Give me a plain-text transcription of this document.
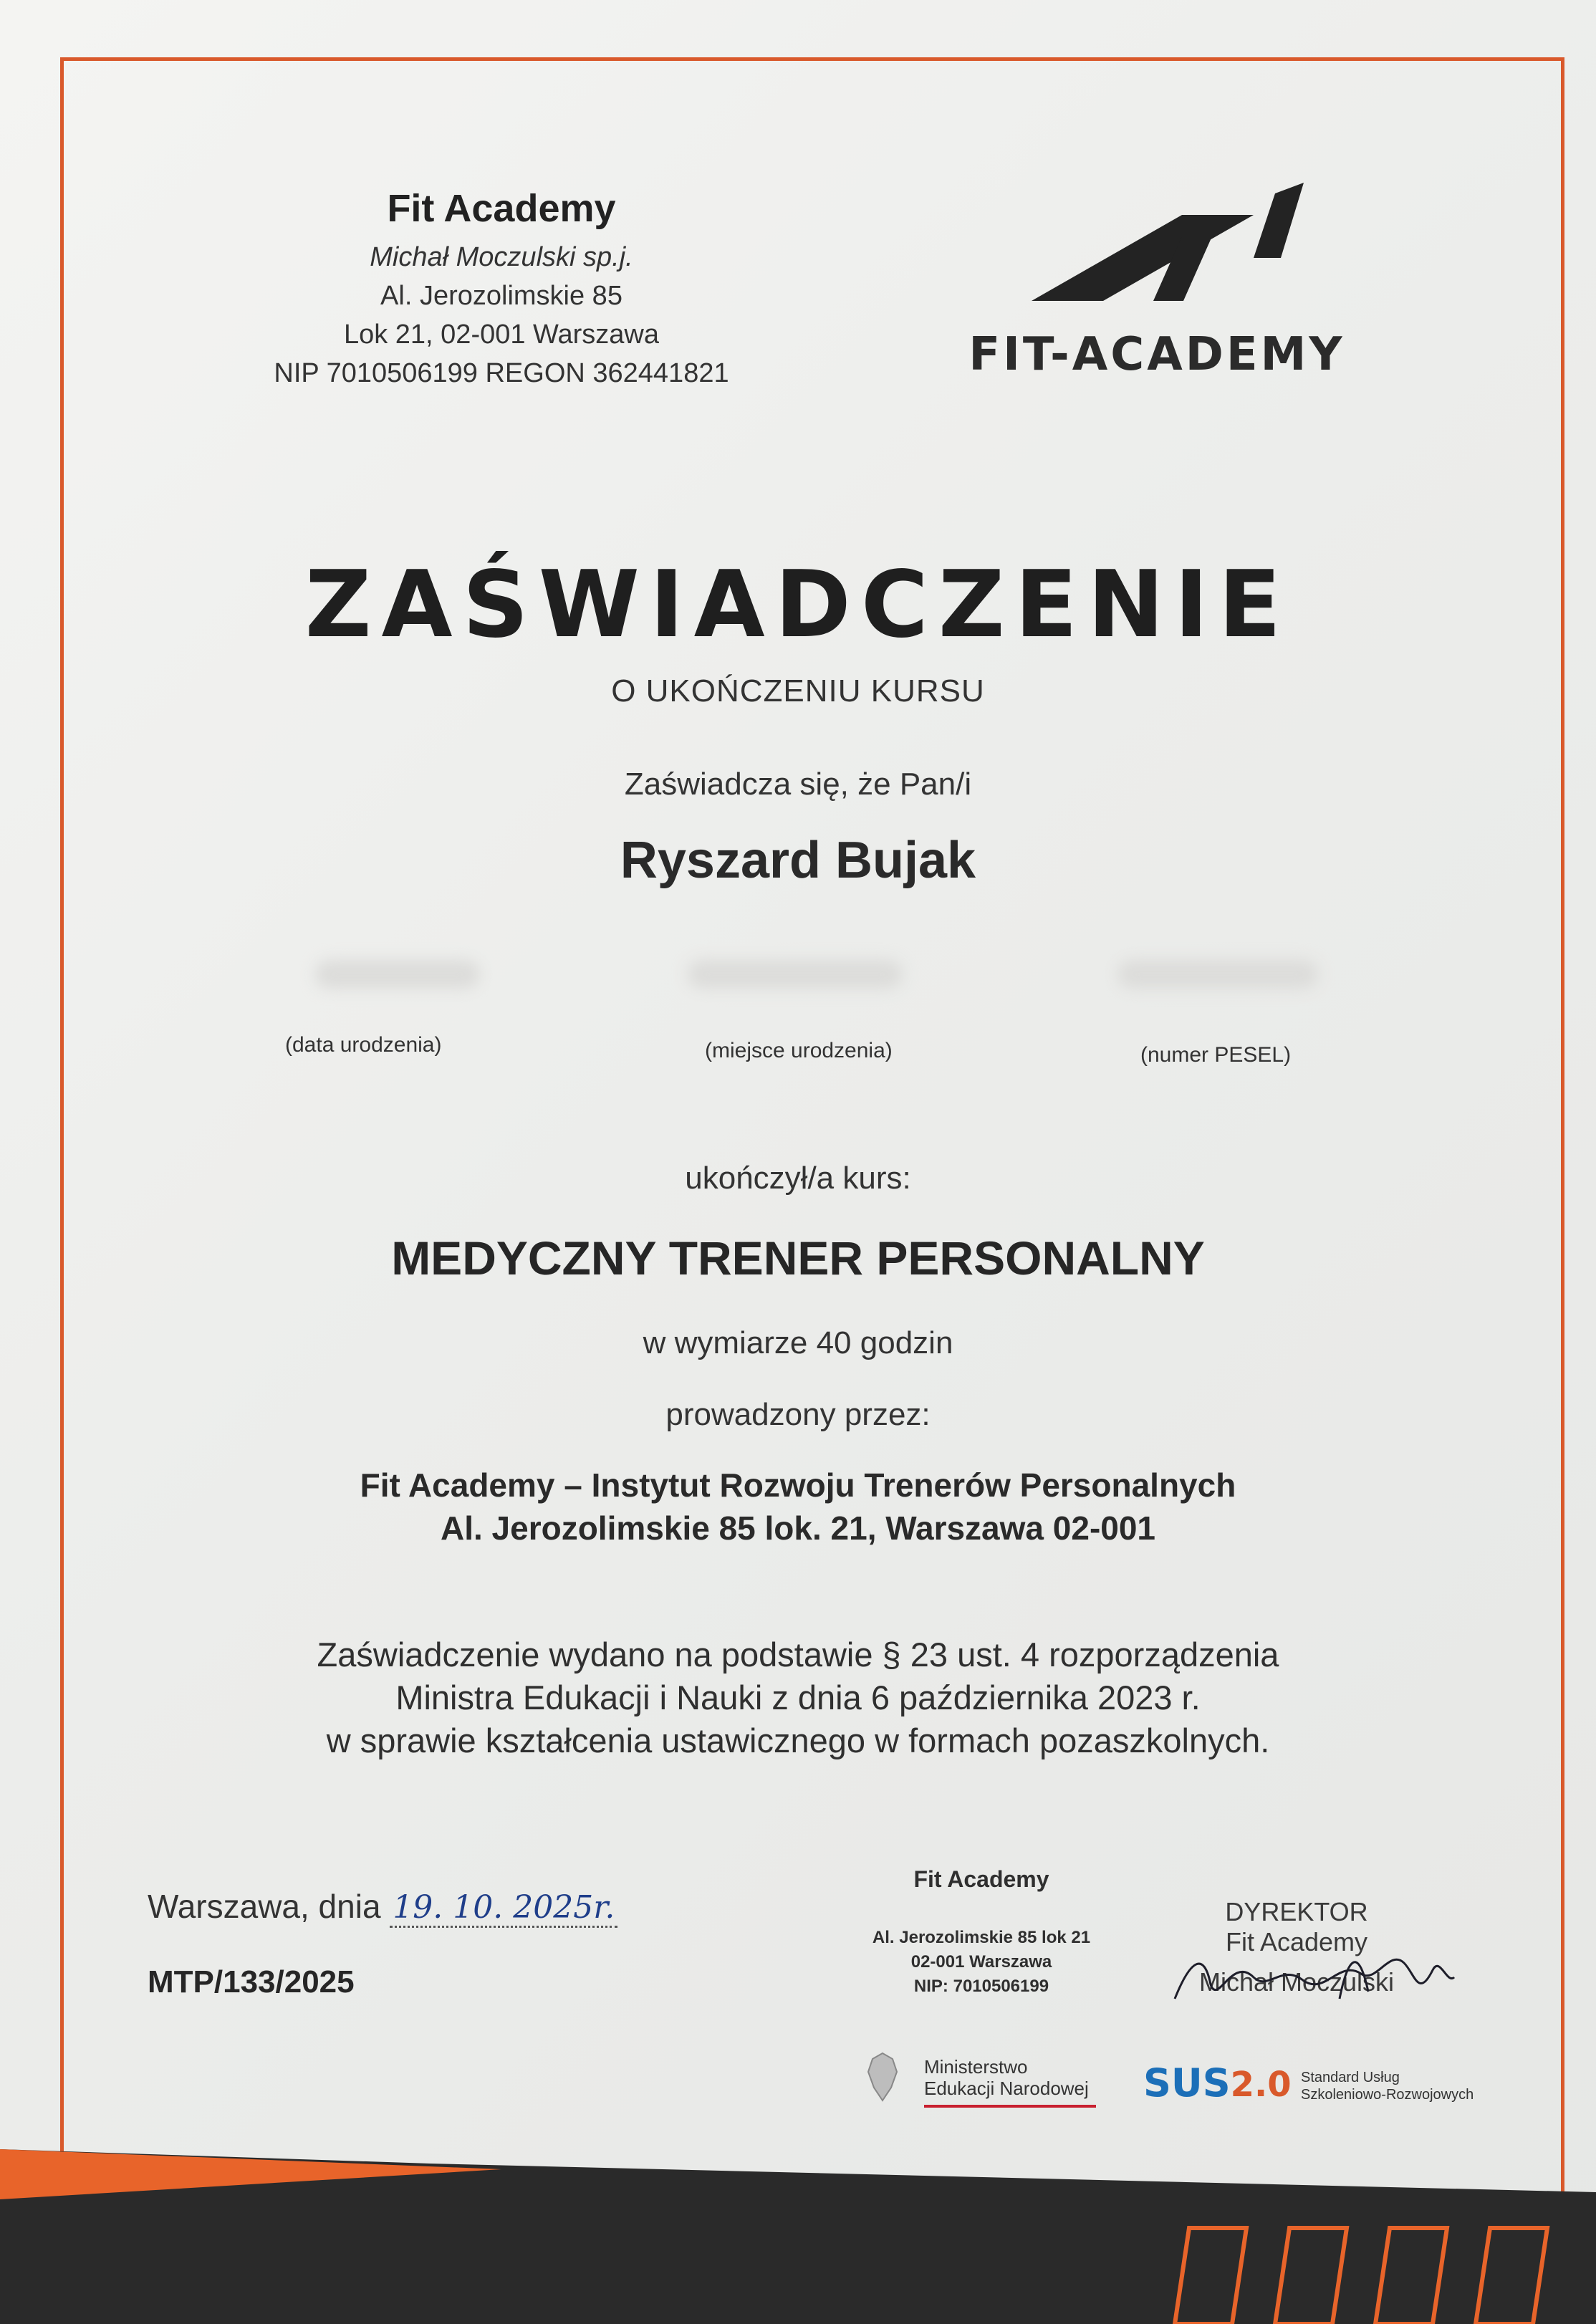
Fit Academy
Michał Moczulski sp.j.
Al. Jerozolimskie 85
Lok 21, 02-001 Warszawa
NIP 7010506199 REGON 362441821	FIT-ACADEMY
ZAŚWIADCZENIE
O UKOŃCZENIU KURSU
Zaświadcza się, że Pan/i
Ryszard Bujak
(data urodzenia)	(miejsce urodzenia)	(numer PESEL)
ukończył/a kurs:
MEDYCZNY TRENER PERSONALNY
w wymiarze 40 godzin
prowadzony przez:
Fit Academy – Instytut Rozwoju Trenerów Personalnych
Al. Jerozolimskie 85 lok. 21, Warszawa 02-001
Zaświadczenie wydano na podstawie § 23 ust. 4 rozporządzenia
Ministra Edukacji i Nauki z dnia 6 października 2023 r.
w sprawie kształcenia ustawicznego w formach pozaszkolnych.
Warszawa, dnia 19. 10. 2025r.
MTP/133/2025
Fit Academy
Al. Jerozolimskie 85 lok 21
02-001 Warszawa
NIP: 7010506199
DYREKTOR
Fit Academy
Michał Moczulski
Ministerstwo
Edukacji Narodowej SUS2.0 Standard Usług
Szkoleniowo-Rozwojowych
